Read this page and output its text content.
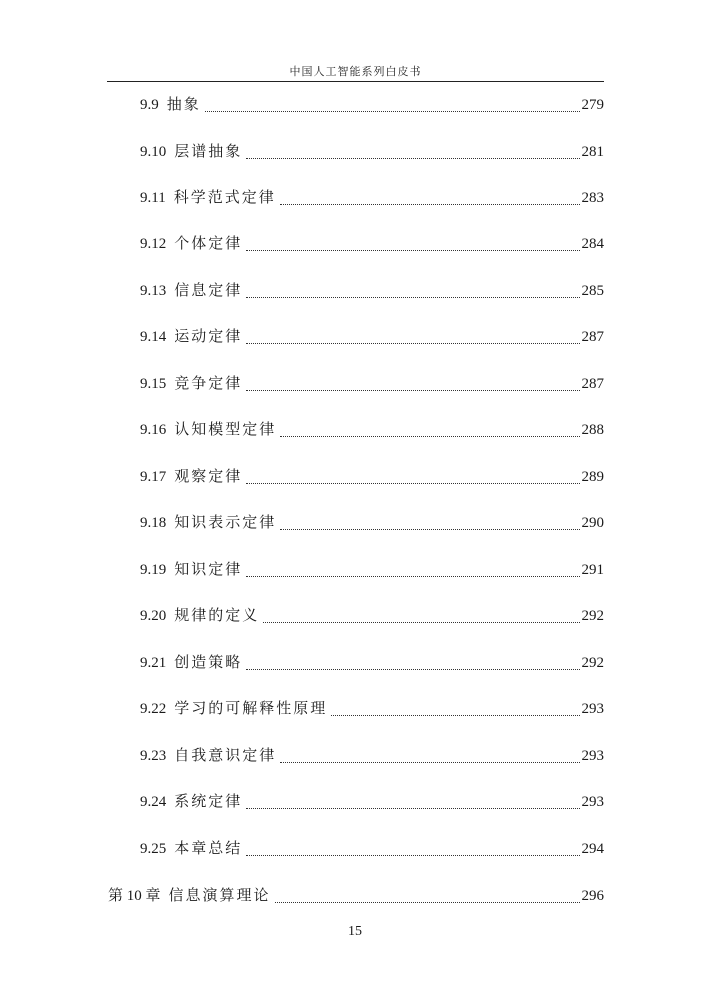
中国人工智能系列白皮书
9.9 抽象	279
9.10 层谱抽象	281
9.11 科学范式定律	283
9.12 个体定律	284
9.13 信息定律	285
9.14 运动定律	287
9.15 竞争定律	287
9.16 认知模型定律	288
9.17 观察定律	289
9.18 知识表示定律	290
9.19 知识定律	291
9.20 规律的定义	292
9.21 创造策略	292
9.22 学习的可解释性原理	293
9.23 自我意识定律	293
9.24 系统定律	293
9.25 本章总结	294
第 10 章 信息演算理论	296
15
